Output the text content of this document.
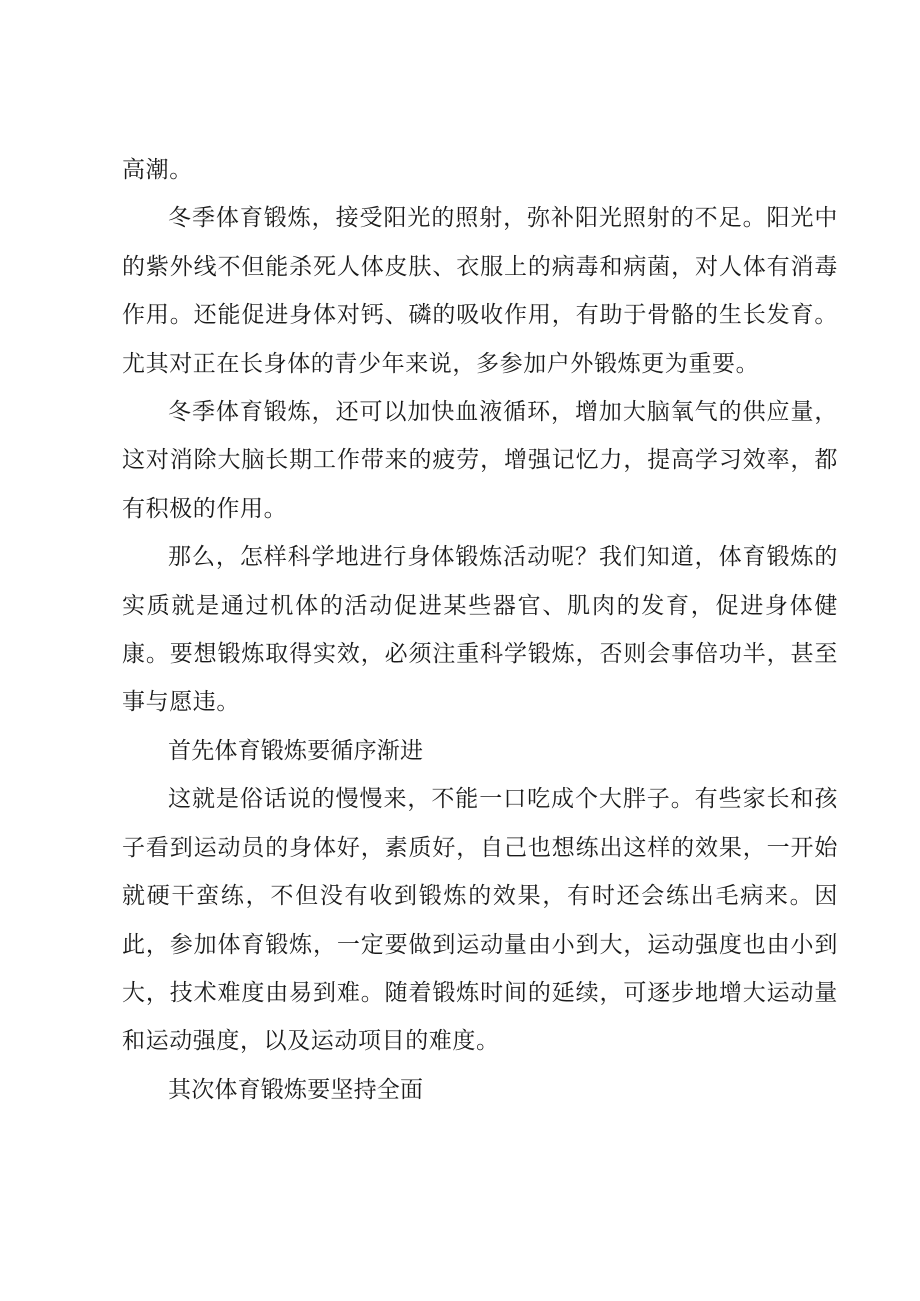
高潮。

冬季体育锻炼，接受阳光的照射，弥补阳光照射的不足。阳光中的紫外线不但能杀死人体皮肤、衣服上的病毒和病菌，对人体有消毒作用。还能促进身体对钙、磷的吸收作用，有助于骨骼的生长发育。尤其对正在长身体的青少年来说，多参加户外锻炼更为重要。

冬季体育锻炼，还可以加快血液循环，增加大脑氧气的供应量，这对消除大脑长期工作带来的疲劳，增强记忆力，提高学习效率，都有积极的作用。

那么，怎样科学地进行身体锻炼活动呢？我们知道，体育锻炼的实质就是通过机体的活动促进某些器官、肌肉的发育，促进身体健康。要想锻炼取得实效，必须注重科学锻炼，否则会事倍功半，甚至事与愿违。

首先体育锻炼要循序渐进

这就是俗话说的慢慢来，不能一口吃成个大胖子。有些家长和孩子看到运动员的身体好，素质好，自己也想练出这样的效果，一开始就硬干蛮练，不但没有收到锻炼的效果，有时还会练出毛病来。因此，参加体育锻炼，一定要做到运动量由小到大，运动强度也由小到大，技术难度由易到难。随着锻炼时间的延续，可逐步地增大运动量和运动强度，以及运动项目的难度。

其次体育锻炼要坚持全面
